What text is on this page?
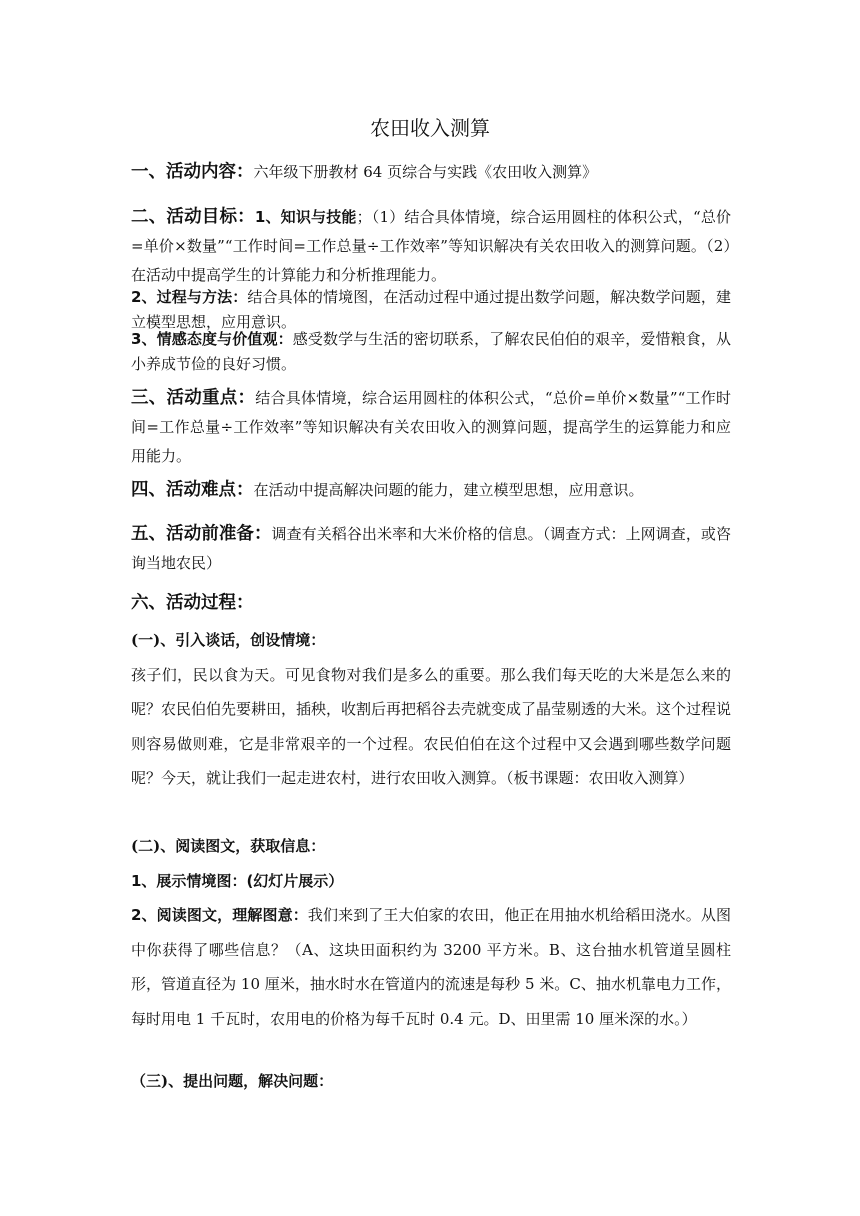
农田收入测算

一、活动内容：六年级下册教材 64 页综合与实践《农田收入测算》

二、活动目标：1、知识与技能；（1）结合具体情境，综合运用圆柱的体积公式，“总价=单价×数量”“工作时间=工作总量÷工作效率”等知识解决有关农田收入的测算问题。（2）在活动中提高学生的计算能力和分析推理能力。

2、过程与方法：结合具体的情境图，在活动过程中通过提出数学问题，解决数学问题，建立模型思想，应用意识。

3、情感态度与价值观：感受数学与生活的密切联系，了解农民伯伯的艰辛，爱惜粮食，从小养成节俭的良好习惯。

三、活动重点：结合具体情境，综合运用圆柱的体积公式，“总价=单价×数量”“工作时间=工作总量÷工作效率”等知识解决有关农田收入的测算问题，提高学生的运算能力和应用能力。

四、活动难点：在活动中提高解决问题的能力，建立模型思想，应用意识。

五、活动前准备：调查有关稻谷出米率和大米价格的信息。（调查方式：上网调查，或咨询当地农民）

六、活动过程：

(一)、引入谈话，创设情境：

孩子们，民以食为天。可见食物对我们是多么的重要。那么我们每天吃的大米是怎么来的呢？农民伯伯先要耕田，插秧，收割后再把稻谷去壳就变成了晶莹剔透的大米。这个过程说则容易做则难，它是非常艰辛的一个过程。农民伯伯在这个过程中又会遇到哪些数学问题呢？今天，就让我们一起走进农村，进行农田收入测算。（板书课题：农田收入测算）

(二)、阅读图文，获取信息：

1、展示情境图：(幻灯片展示）

2、阅读图文，理解图意：我们来到了王大伯家的农田，他正在用抽水机给稻田浇水。从图中你获得了哪些信息？（A、这块田面积约为 3200 平方米。B、这台抽水机管道呈圆柱形，管道直径为 10 厘米，抽水时水在管道内的流速是每秒 5 米。C、抽水机靠电力工作，每时用电 1 千瓦时，农用电的价格为每千瓦时 0.4 元。D、田里需 10 厘米深的水。）

（三)、提出问题，解决问题：
